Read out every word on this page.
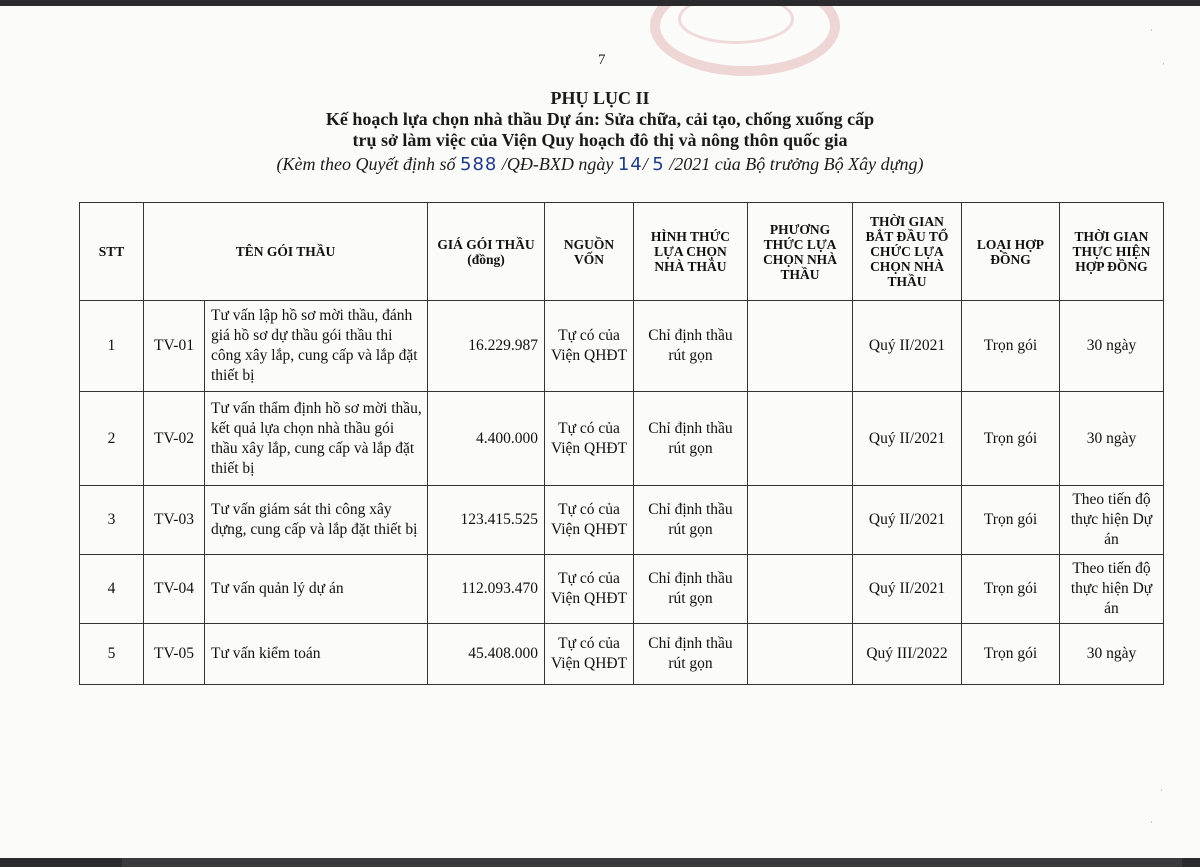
7
PHỤ LỤC II
Kế hoạch lựa chọn nhà thầu Dự án: Sửa chữa, cải tạo, chống xuống cấp
trụ sở làm việc của Viện Quy hoạch đô thị và nông thôn quốc gia
(Kèm theo Quyết định số 588 /QĐ-BXD ngày 14/ 5 /2021 của Bộ trưởng Bộ Xây dựng)
STT	TÊN GÓI THẦU		GIÁ GÓI THẦU (đồng)	NGUỒN VỐN	HÌNH THỨC LỰA CHỌN NHÀ THẦU	PHƯƠNG THỨC LỰA CHỌN NHÀ THẦU	THỜI GIAN BẮT ĐẦU TỔ CHỨC LỰA CHỌN NHÀ THẦU	LOẠI HỢP ĐỒNG	THỜI GIAN THỰC HIỆN HỢP ĐỒNG
1	TV-01	Tư vấn lập hồ sơ mời thầu, đánh giá hồ sơ dự thầu gói thầu thi công xây lắp, cung cấp và lắp đặt thiết bị	16.229.987	Tự có của Viện QHĐT	Chỉ định thầu rút gọn		Quý II/2021	Trọn gói	30 ngày
2	TV-02	Tư vấn thẩm định hồ sơ mời thầu, kết quả lựa chọn nhà thầu gói thầu xây lắp, cung cấp và lắp đặt thiết bị	4.400.000	Tự có của Viện QHĐT	Chỉ định thầu rút gọn		Quý II/2021	Trọn gói	30 ngày
3	TV-03	Tư vấn giám sát thi công xây dựng, cung cấp và lắp đặt thiết bị	123.415.525	Tự có của Viện QHĐT	Chỉ định thầu rút gọn		Quý II/2021	Trọn gói	Theo tiến độ thực hiện Dự án
4	TV-04	Tư vấn quản lý dự án	112.093.470	Tự có của Viện QHĐT	Chỉ định thầu rút gọn		Quý II/2021	Trọn gói	Theo tiến độ thực hiện Dự án
5	TV-05	Tư vấn kiểm toán	45.408.000	Tự có của Viện QHĐT	Chỉ định thầu rút gọn		Quý III/2022	Trọn gói	30 ngày
·
·
·
·
